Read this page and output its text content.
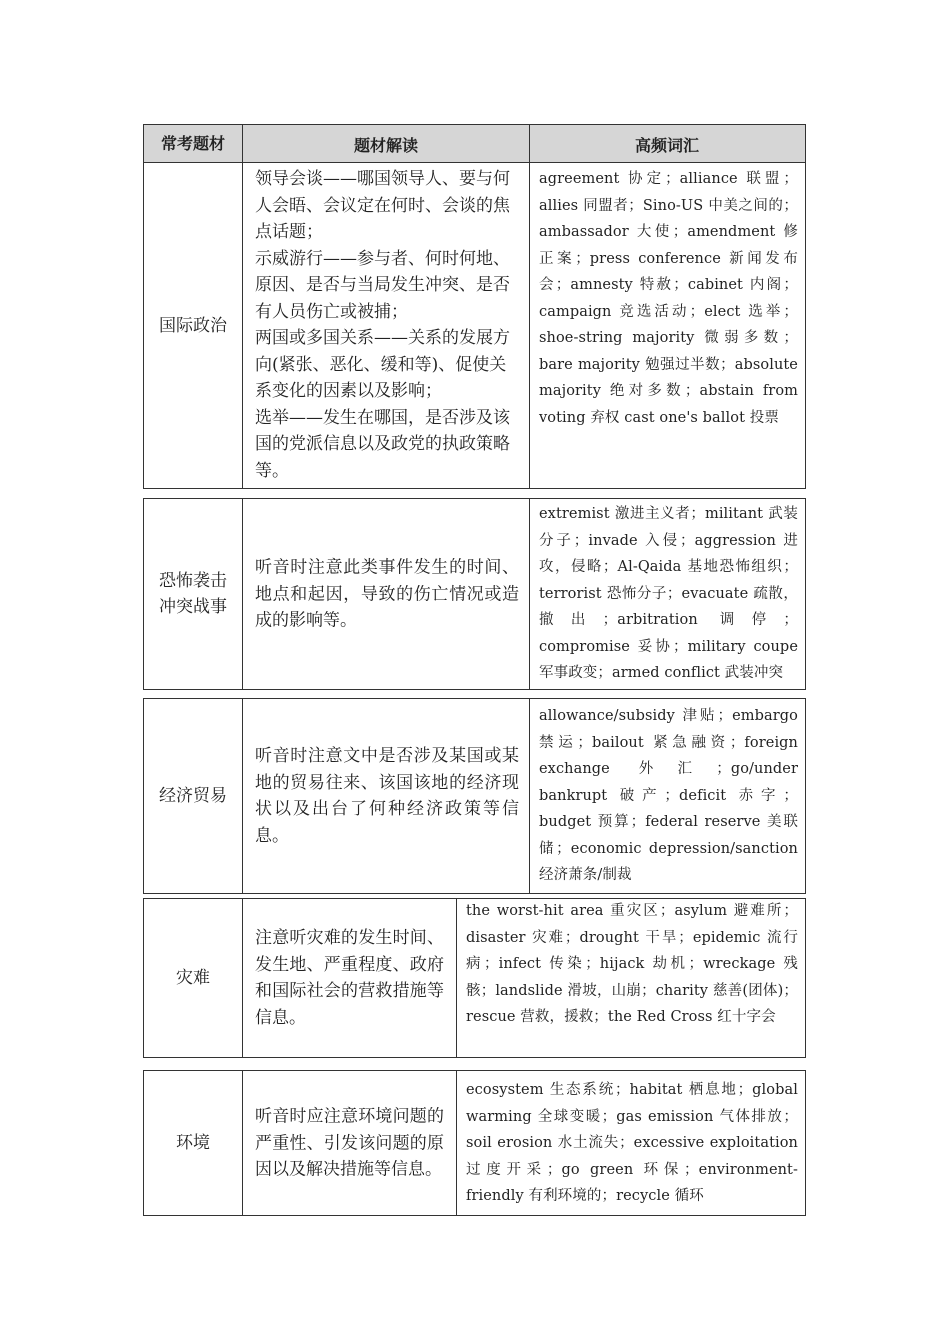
常考题材	题材解读	高频词汇
国际政治
领导会谈——哪国领导人、要与何人会晤、会议定在何时、会谈的焦点话题；
示威游行——参与者、何时何地、原因、是否与当局发生冲突、是否有人员伤亡或被捕；
两国或多国关系——关系的发展方向(紧张、恶化、缓和等)、促使关系变化的因素以及影响；
选举——发生在哪国，是否涉及该国的党派信息以及政党的执政策略等。
agreement 协定；alliance 联盟；allies 同盟者；Sino-US 中美之间的；ambassador 大使；amendment 修正案；press conference 新闻发布会；amnesty 特赦；cabinet 内阁；campaign 竞选活动；elect 选举；shoe-string majority 微弱多数；bare majority 勉强过半数；absolute majority 绝对多数；abstain from voting 弃权 cast one's ballot 投票
恐怖袭击
冲突战事
听音时注意此类事件发生的时间、地点和起因，导致的伤亡情况或造成的影响等。
extremist 激进主义者；militant 武装分子；invade 入侵；aggression 进攻，侵略；Al-Qaida 基地恐怖组织；terrorist 恐怖分子；evacuate 疏散，撤出；arbitration 调停；compromise 妥协；military coupe 军事政变；armed conflict 武装冲突
经济贸易
听音时注意文中是否涉及某国或某地的贸易往来、该国该地的经济现状以及出台了何种经济政策等信息。
allowance/subsidy 津贴；embargo 禁运；bailout 紧急融资；foreign exchange 外汇；go/under bankrupt 破产；deficit 赤字；budget 预算；federal reserve 美联储；economic depression/sanction 经济萧条/制裁
灾难
注意听灾难的发生时间、发生地、严重程度、政府和国际社会的营救措施等信息。
the worst-hit area 重灾区；asylum 避难所；disaster 灾难；drought 干旱；epidemic 流行病；infect 传染；hijack 劫机；wreckage 残骸；landslide 滑坡，山崩；charity 慈善(团体)；rescue 营救，援救；the Red Cross 红十字会
环境
听音时应注意环境问题的严重性、引发该问题的原因以及解决措施等信息。
ecosystem 生态系统；habitat 栖息地；global warming 全球变暖；gas emission 气体排放；soil erosion 水土流失；excessive exploitation 过度开采；go green 环保；environment-friendly 有利环境的；recycle 循环
